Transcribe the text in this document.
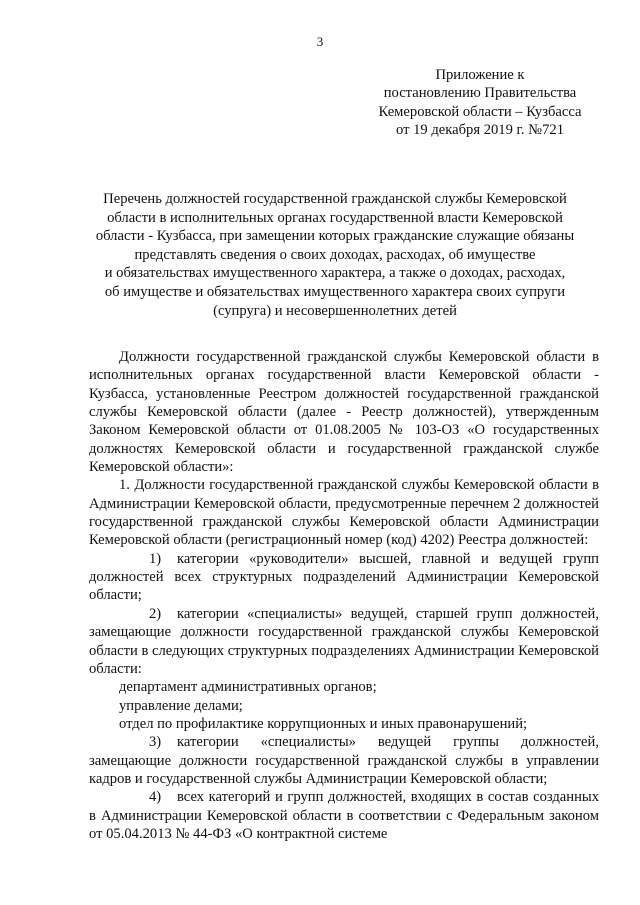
3
Приложение к
постановлению Правительства
Кемеровской области – Кузбасса
от 19 декабря 2019 г. №721
Перечень должностей государственной гражданской службы Кемеровской
области в исполнительных органах государственной власти Кемеровской
области - Кузбасса, при замещении которых гражданские служащие обязаны
представлять сведения о своих доходах, расходах, об имуществе
и обязательствах имущественного характера, а также о доходах, расходах,
об имуществе и обязательствах имущественного характера своих супруги
(супруга) и несовершеннолетних детей

Должности государственной гражданской службы Кемеровской области в исполнительных органах государственной власти Кемеровской области - Кузбасса, установленные Реестром должностей государственной гражданской службы Кемеровской области (далее - Реестр должностей), утвержденным Законом Кемеровской области от 01.08.2005 № 103-ОЗ «О государственных должностях Кемеровской области и государственной гражданской службе Кемеровской области»:

1. Должности государственной гражданской службы Кемеровской области в Администрации Кемеровской области, предусмотренные перечнем 2 должностей государственной гражданской службы Кемеровской области Администрации Кемеровской области (регистрационный номер (код) 4202) Реестра должностей:

1) категории «руководители» высшей, главной и ведущей групп должностей всех структурных подразделений Администрации Кемеровской области;

2) категории «специалисты» ведущей, старшей групп должностей, замещающие должности государственной гражданской службы Кемеровской области в следующих структурных подразделениях Администрации Кемеровской области:

департамент административных органов;

управление делами;

отдел по профилактике коррупционных и иных правонарушений;

3) категории «специалисты» ведущей группы должностей, замещающие должности государственной гражданской службы в управлении кадров и государственной службы Администрации Кемеровской области;

4) всех категорий и групп должностей, входящих в состав созданных в Администрации Кемеровской области в соответствии с Федеральным законом от 05.04.2013 № 44-ФЗ «О контрактной системе
